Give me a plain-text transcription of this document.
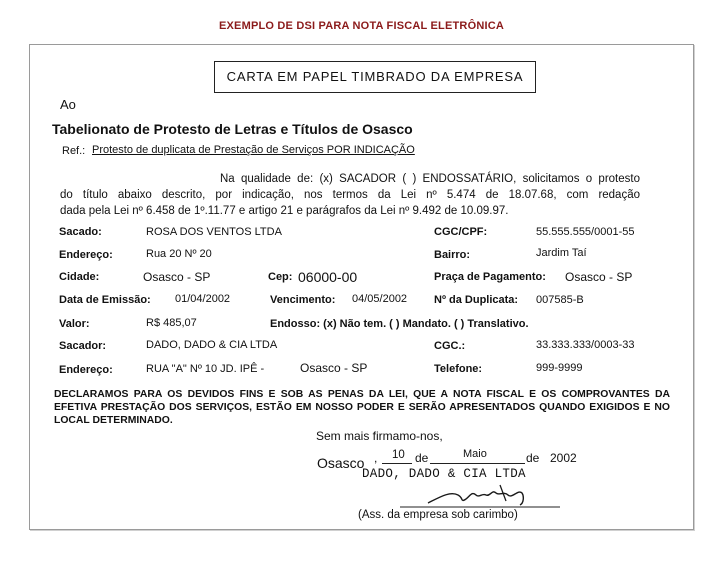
EXEMPLO DE DSI PARA NOTA FISCAL ELETRÔNICA
CARTA EM PAPEL TIMBRADO DA EMPRESA
Ao
Tabelionato de Protesto de Letras e Títulos de Osasco
Ref.: Protesto de duplicata de Prestação de Serviços POR INDICAÇÃO
Na qualidade de: (x) SACADOR ( ) ENDOSSATÁRIO, solicitamos o protesto
do título abaixo descrito, por indicação, nos termos da Lei nº 5.474 de 18.07.68, com redação
dada pela Lei nº 6.458 de 1º.11.77 e artigo 21 e parágrafos da Lei nº 9.492 de 10.09.97.
Sacado:	ROSA DOS VENTOS LTDA	CGC/CPF:	55.555.555/0001-55
Endereço:	Rua 20 Nº 20	Bairro:	Jardim Taí
Cidade:	Osasco - SP	Cep: 06000-00	Praça de Pagamento: Osasco - SP
Data de Emissão: 01/04/2002	Vencimento: 04/05/2002 Nº da Duplicata: 007585-B
Valor:	R$ 485,07	Endosso: (x) Não tem. ( ) Mandato. ( ) Translativo.
Sacador:	DADO, DADO & CIA LTDA	CGC.:	33.333.333/0003-33
Endereço:	RUA "A" Nº 10 JD. IPÊ -	Osasco - SP	Telefone:	999-9999
DECLARAMOS PARA OS DEVIDOS FINS E SOB AS PENAS DA LEI, QUE A NOTA FISCAL E OS COMPROVANTES DA EFETIVA PRESTAÇÃO DOS SERVIÇOS, ESTÃO EM NOSSO PODER E SERÃO APRESENTADOS QUANDO EXIGIDOS E NO LOCAL DETERMINADO.
Sem mais firmamo-nos,
Osasco , 10 de	Maio	de 2002
DADO, DADO & CIA LTDA
(Ass. da empresa sob carimbo)
